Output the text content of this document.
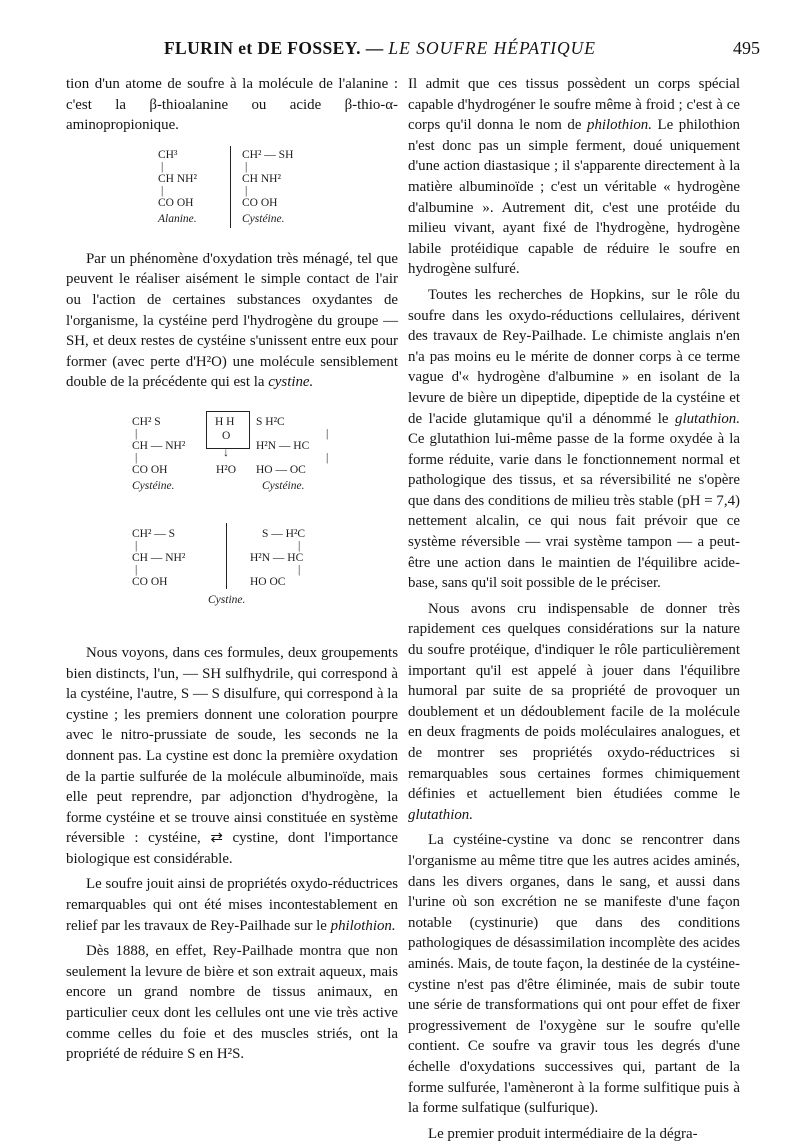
FLURIN et DE FOSSEY. — LE SOUFRE HÉPATIQUE	495

tion d'un atome de soufre à la molécule de l'alanine : c'est la β-thioalanine ou acide β-thio-α-aminopropionique.

CH³
|
CH NH²
|
CO OH
Alanine.
CH² — SH
|
CH NH²
|
CO OH
Cystéine.

Par un phénomène d'oxydation très ménagé, tel que peuvent le réaliser aisément le simple contact de l'air ou l'action de certaines substances oxydantes de l'organisme, la cystéine perd l'hydrogène du groupe — SH, et deux restes de cystéine s'unissent entre eux pour former (avec perte d'H²O) une molécule sensiblement double de la précédente qui est la cystine.

CH² S
|
CH — NH²
|
CO OH
H H
O
↓
H²O
S H²C
|
H²N — HC
|
HO — OC
Cystéine.	Cystéine.
CH² — S
|
CH — NH²
|
CO OH
S — H²C
|
H²N — HC
|
HO OC
Cystine.

Nous voyons, dans ces formules, deux groupements bien distincts, l'un, — SH sulfhydrile, qui correspond à la cystéine, l'autre, S — S disulfure, qui correspond à la cystine ; les premiers donnent une coloration pourpre avec le nitro-prussiate de soude, les seconds ne la donnent pas. La cystine est donc la première oxydation de la partie sulfurée de la molécule albuminoïde, mais elle peut reprendre, par adjonction d'hydrogène, la forme cystéine et se trouve ainsi constituée en système réversible : cystéine, ⇄ cystine, dont l'importance biologique est considérable.

Le soufre jouit ainsi de propriétés oxydo-réductrices remarquables qui ont été mises incontestablement en relief par les travaux de Rey-Pailhade sur le philothion.

Dès 1888, en effet, Rey-Pailhade montra que non seulement la levure de bière et son extrait aqueux, mais encore un grand nombre de tissus animaux, en particulier ceux dont les cellules ont une vie très active comme celles du foie et des muscles striés, ont la propriété de réduire S en H²S.

Il admit que ces tissus possèdent un corps spécial capable d'hydrogéner le soufre même à froid ; c'est à ce corps qu'il donna le nom de philothion. Le philothion n'est donc pas un simple ferment, doué uniquement d'une action diastasique ; il s'apparente directement à la matière albuminoïde ; c'est un véritable « hydrogène d'albumine ». Autrement dit, c'est une protéide du milieu vivant, ayant fixé de l'hydrogène, hydrogène labile protéidique capable de réduire le soufre en hydrogène sulfuré.

Toutes les recherches de Hopkins, sur le rôle du soufre dans les oxydo-réductions cellulaires, dérivent des travaux de Rey-Pailhade. Le chimiste anglais n'en n'a pas moins eu le mérite de donner corps à ce terme vague d'« hydrogène d'albumine » en isolant de la levure de bière un dipeptide, dipeptide de la cystéine et de l'acide glutamique qu'il a dénommé le glutathion. Ce glutathion lui-même passe de la forme oxydée à la forme réduite, varie dans le fonctionnement normal et pathologique des tissus, et sa réversibilité ne s'opère que dans des conditions de milieu très stable (pH = 7,4) nettement alcalin, ce qui nous fait prévoir que ce système réversible — vrai système tampon — a peut-être une action dans le maintien de l'équilibre acide-base, sans qu'il soit possible de le préciser.

Nous avons cru indispensable de donner très rapidement ces quelques considérations sur la nature du soufre protéique, d'indiquer le rôle particulièrement important qu'il est appelé à jouer dans l'équilibre humoral par suite de sa propriété de provoquer un doublement et un dédoublement facile de la molécule en deux fragments de poids moléculaires analogues, et de montrer ses propriétés oxydo-réductrices si remarquables sous certaines formes chimiquement définies et actuellement bien étudiées comme le glutathion.

La cystéine-cystine va donc se rencontrer dans l'organisme au même titre que les autres acides aminés, dans les divers organes, dans le sang, et aussi dans l'urine où son excrétion ne se manifeste d'une façon notable (cystinurie) que dans des conditions pathologiques de désassimilation incomplète des acides aminés. Mais, de toute façon, la destinée de la cystéine-cystine n'est pas d'être éliminée, mais de subir toute une série de transformations qui ont pour effet de fixer progressivement de l'oxygène sur le soufre qu'elle contient. Ce soufre va gravir tous les degrés d'une échelle d'oxydations successives qui, partant de la forme sulfurée, l'amèneront à la forme sulfitique puis à la forme sulfatique (sulfurique).

Le premier produit intermédiaire de la dégra-
